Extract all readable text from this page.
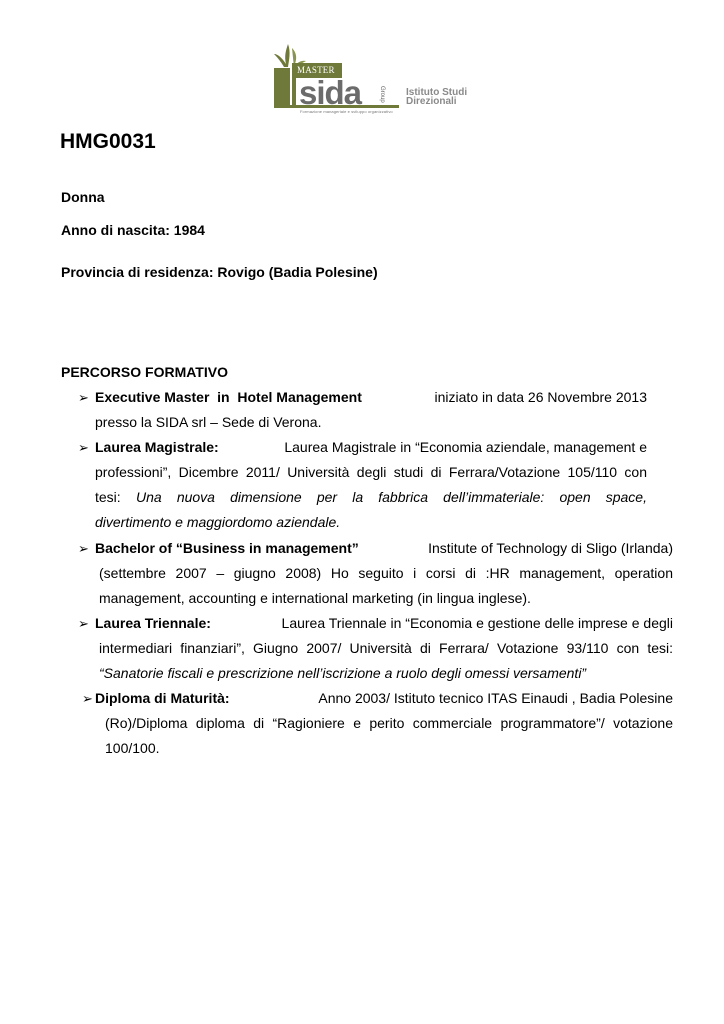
MASTER
sida	Group Istituto Studi
Direzionali
Formazione manageriale e sviluppo organizzativo
HMG0031
Donna
Anno di nascita: 1984
Provincia di residenza: Rovigo (Badia Polesine)
PERCORSO FORMATIVO
➢ Executive Master  in  Hotel Management	iniziato in data 26 Novembre 2013
presso la SIDA srl – Sede di Verona.
➢ Laurea Magistrale:	Laurea Magistrale in “Economia aziendale, management e
professioni”, Dicembre 2011/ Università degli studi di Ferrara/Votazione 105/110 con
tesi: Una nuova dimensione per la fabbrica dell’immateriale: open space,
divertimento e maggiordomo aziendale.
➢ Bachelor of “Business in management”	Institute of Technology di Sligo (Irlanda)
(settembre 2007 – giugno 2008) Ho seguito i corsi di :HR management, operation
management, accounting e international marketing (in lingua inglese).
➢ Laurea Triennale:	Laurea Triennale in “Economia e gestione delle imprese e degli
intermediari finanziari”, Giugno 2007/ Università di Ferrara/ Votazione 93/110 con tesi:
“Sanatorie fiscali e prescrizione nell’iscrizione a ruolo degli omessi versamenti”
➢ Diploma di Maturità:	Anno 2003/ Istituto tecnico ITAS Einaudi , Badia Polesine
(Ro)/Diploma diploma di “Ragioniere e perito commerciale programmatore”/ votazione
100/100.
